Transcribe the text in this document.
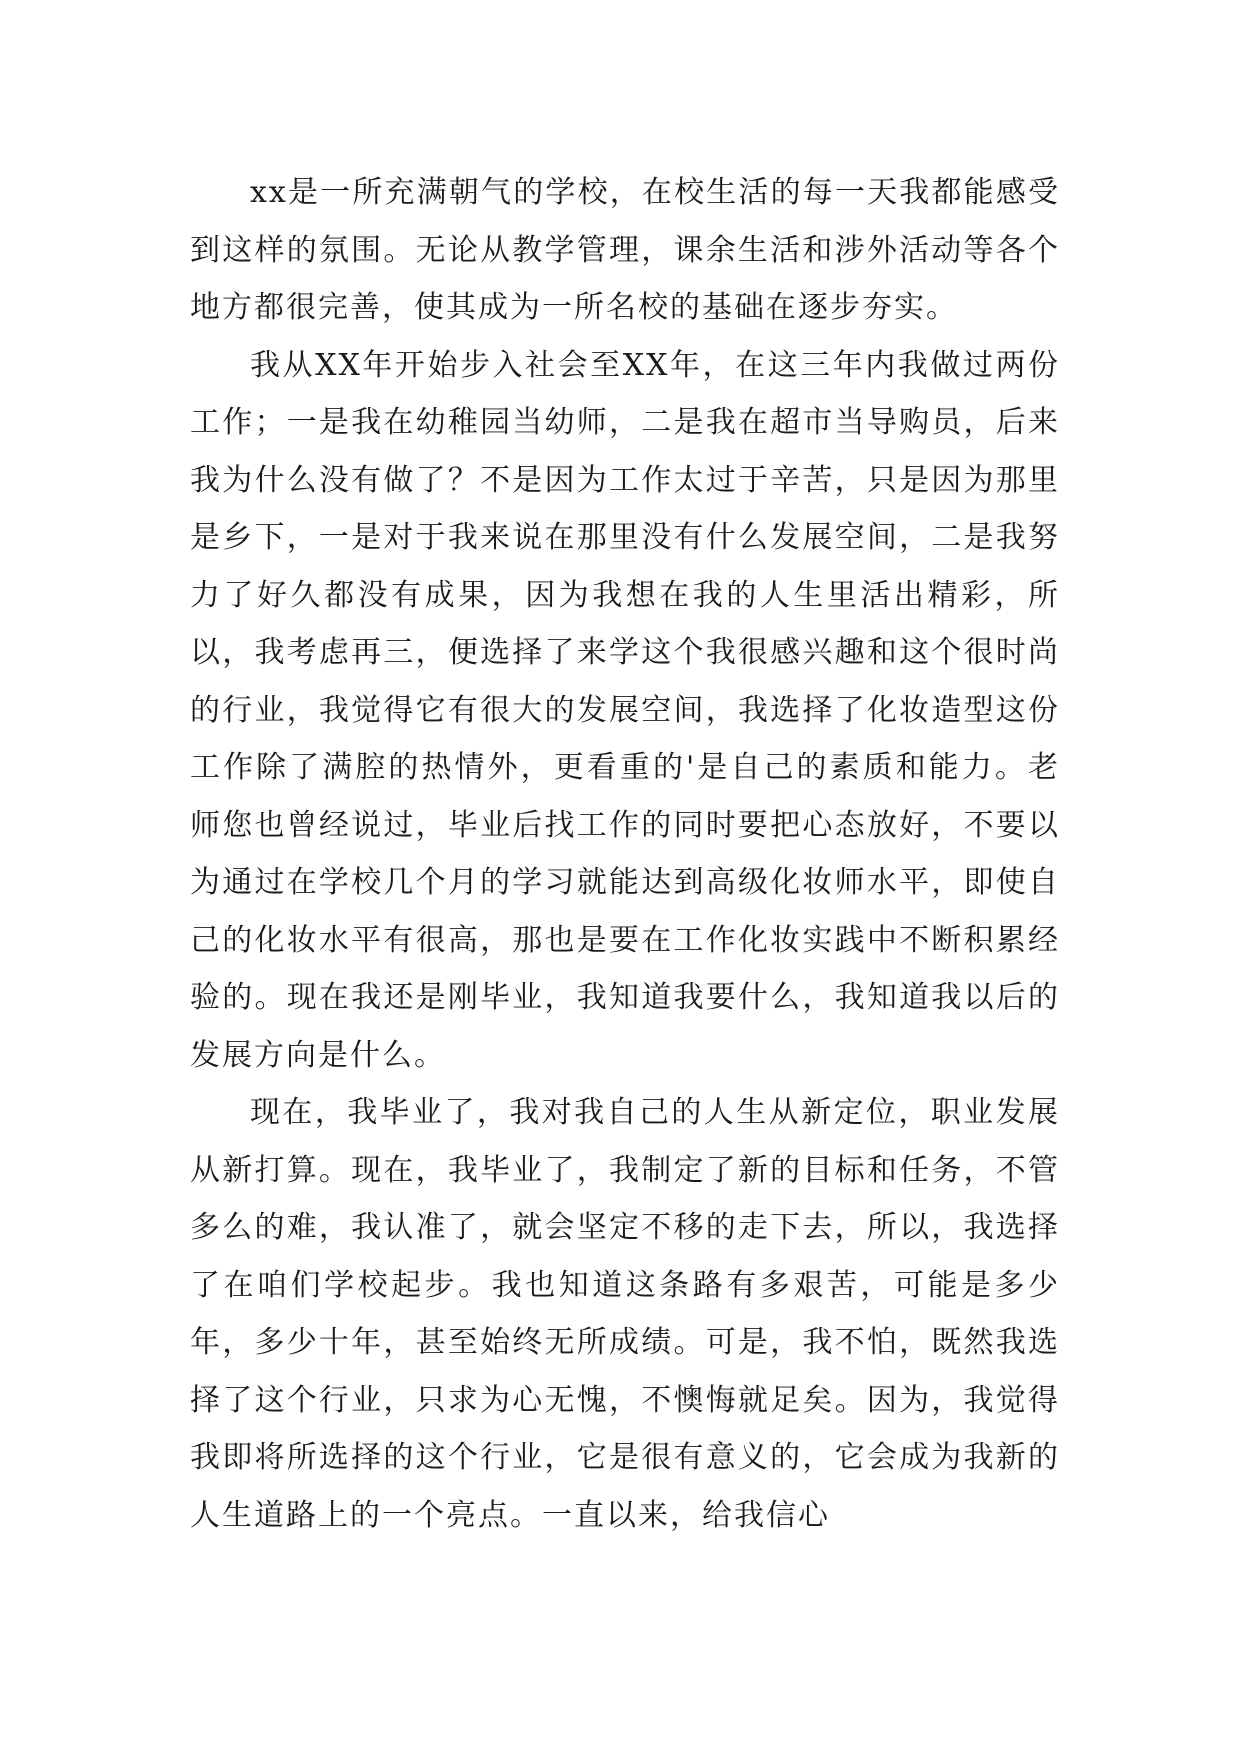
xx是一所充满朝气的学校，在校生活的每一天我都能感受到这样的氛围。无论从教学管理，课余生活和涉外活动等各个地方都很完善，使其成为一所名校的基础在逐步夯实。

我从XX年开始步入社会至XX年，在这三年内我做过两份工作；一是我在幼稚园当幼师，二是我在超市当导购员，后来我为什么没有做了？不是因为工作太过于辛苦，只是因为那里是乡下，一是对于我来说在那里没有什么发展空间，二是我努力了好久都没有成果，因为我想在我的人生里活出精彩，所以，我考虑再三，便选择了来学这个我很感兴趣和这个很时尚的行业，我觉得它有很大的发展空间，我选择了化妆造型这份工作除了满腔的热情外，更看重的'是自己的素质和能力。老师您也曾经说过，毕业后找工作的同时要把心态放好，不要以为通过在学校几个月的学习就能达到高级化妆师水平，即使自己的化妆水平有很高，那也是要在工作化妆实践中不断积累经验的。现在我还是刚毕业，我知道我要什么，我知道我以后的发展方向是什么。

现在，我毕业了，我对我自己的人生从新定位，职业发展从新打算。现在，我毕业了，我制定了新的目标和任务，不管多么的难，我认准了，就会坚定不移的走下去，所以，我选择了在咱们学校起步。我也知道这条路有多艰苦，可能是多少年，多少十年，甚至始终无所成绩。可是，我不怕，既然我选择了这个行业，只求为心无愧，不懊悔就足矣。因为，我觉得我即将所选择的这个行业，它是很有意义的，它会成为我新的人生道路上的一个亮点。一直以来，给我信心
